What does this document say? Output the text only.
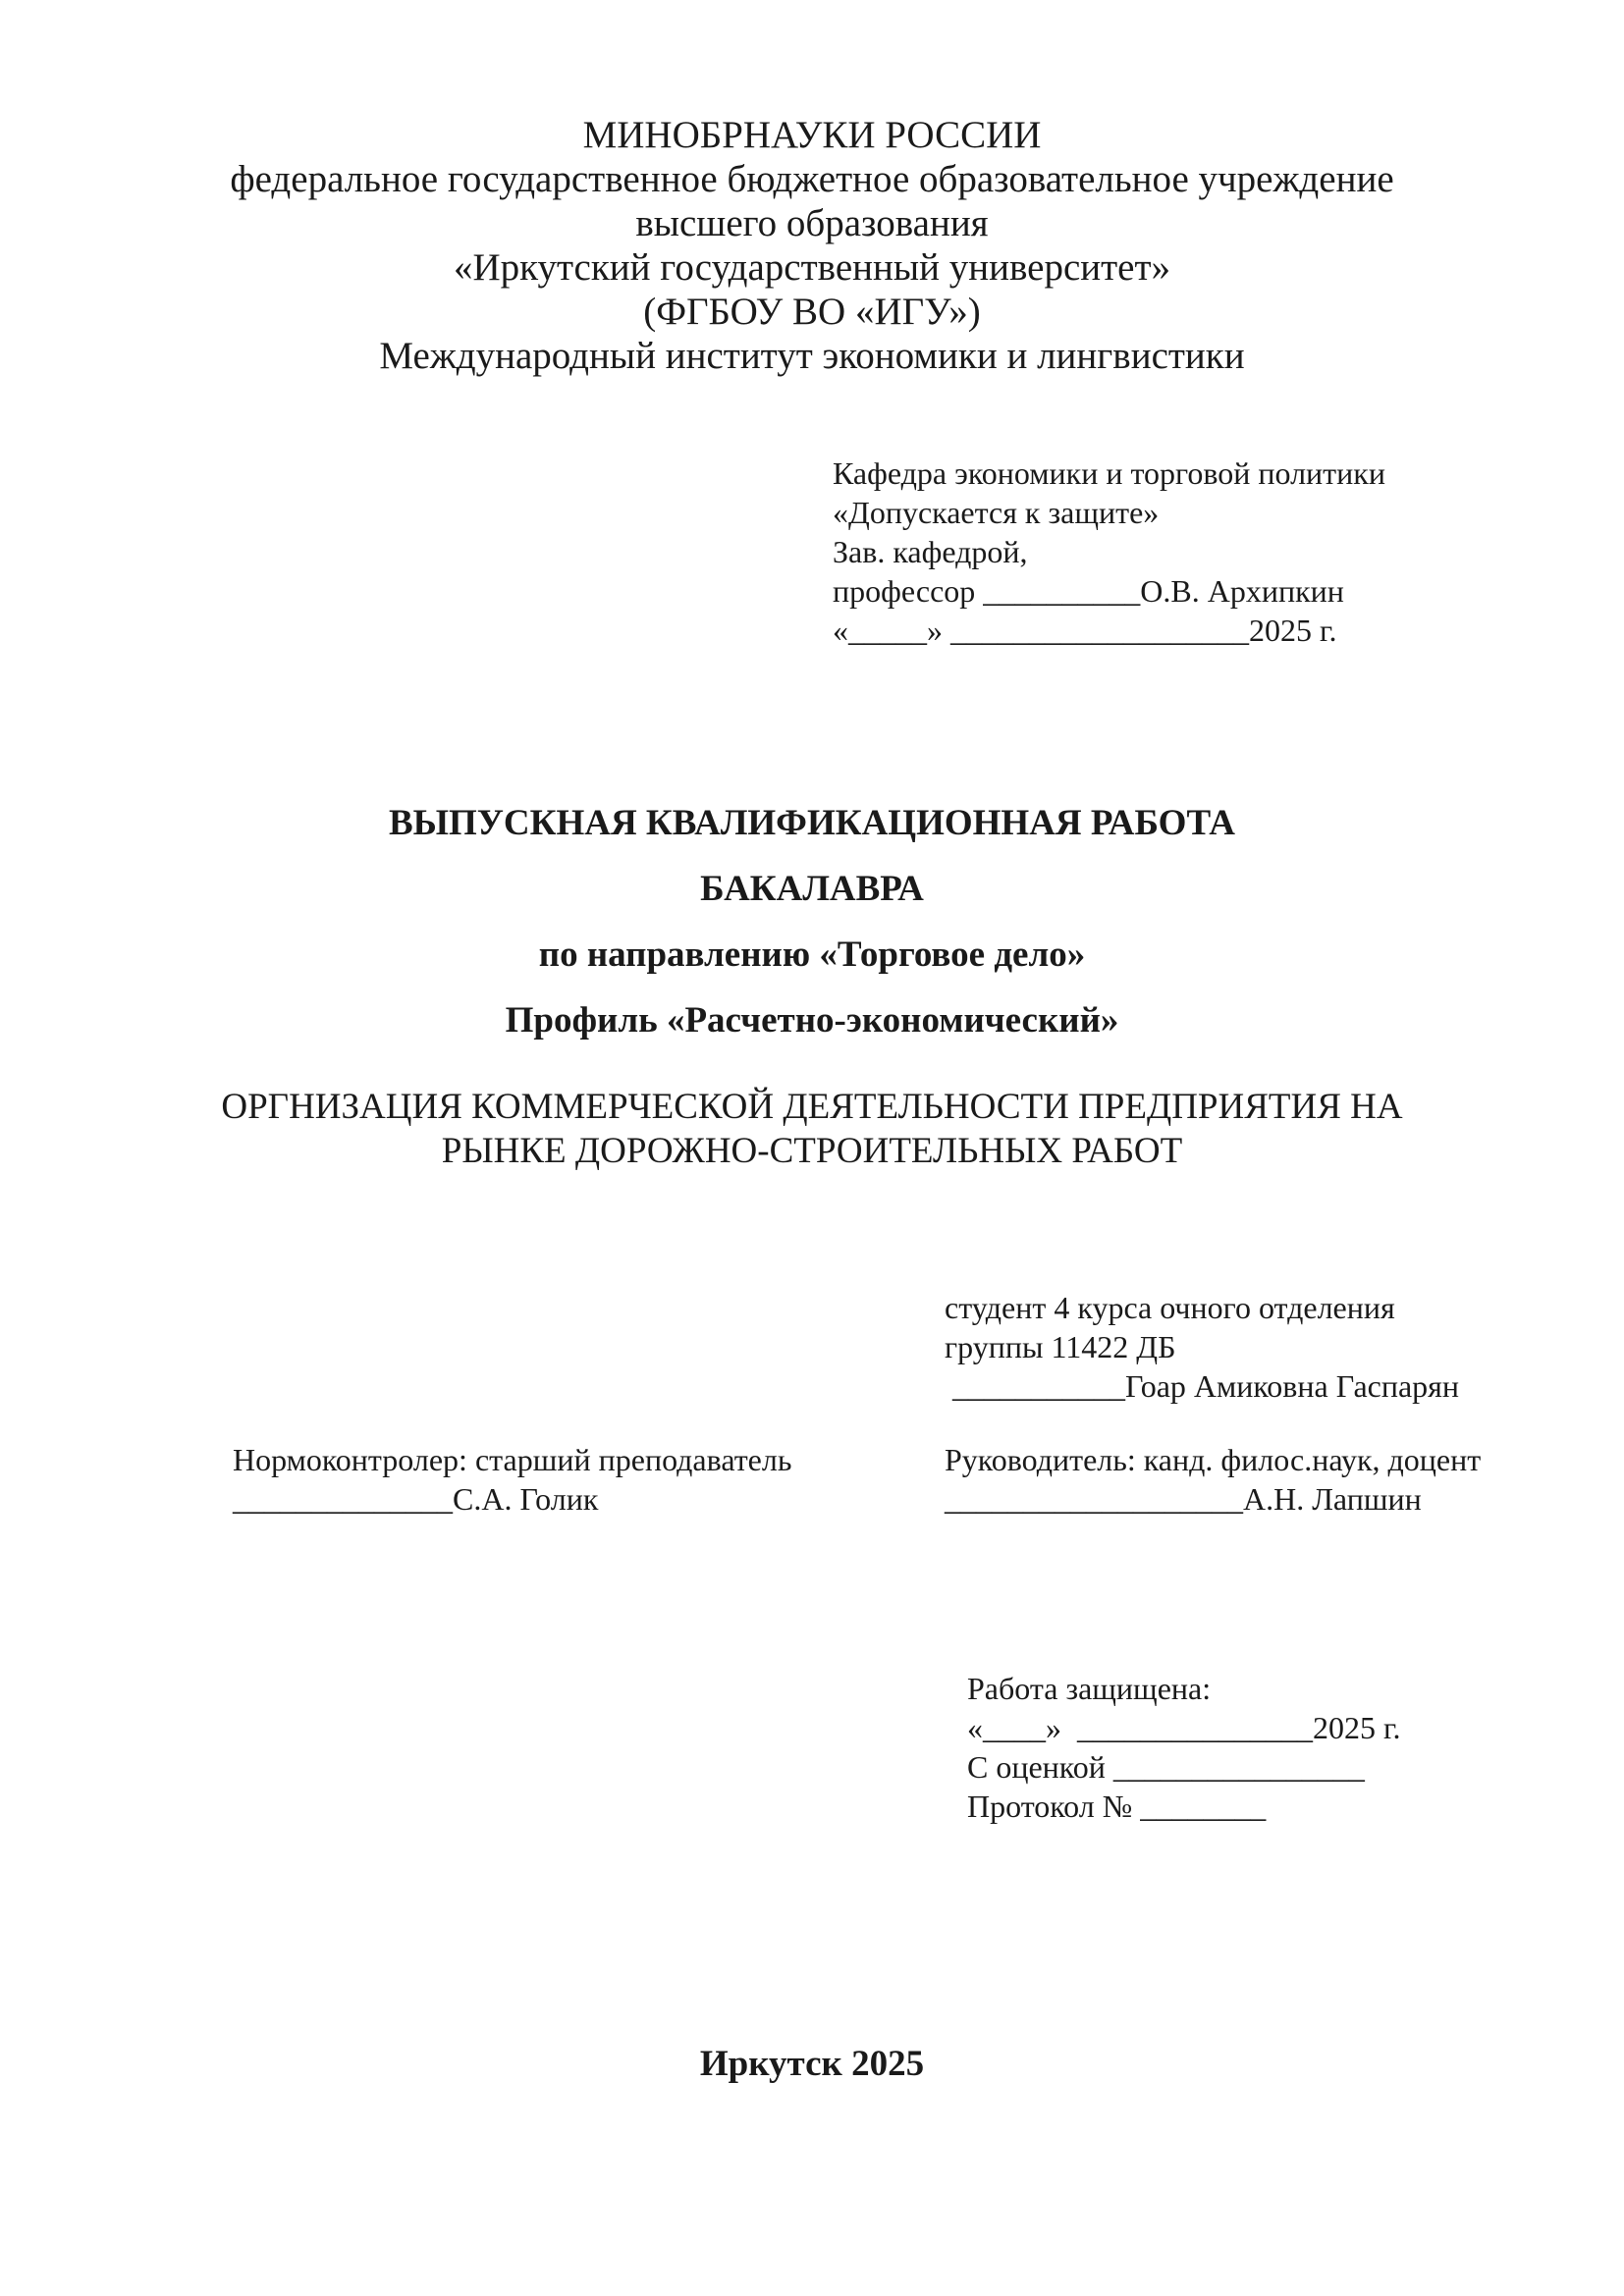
МИНОБРНАУКИ РОССИИ
федеральное государственное бюджетное образовательное учреждение
высшего образования
«Иркутский государственный университет»
(ФГБОУ ВО «ИГУ»)
Международный институт экономики и лингвистики
Кафедра экономики и торговой политики
«Допускается к защите»
Зав. кафедрой,
профессор __________О.В. Архипкин
«_____» ___________________2025 г.
ВЫПУСКНАЯ КВАЛИФИКАЦИОННАЯ РАБОТА
БАКАЛАВРА
по направлению «Торговое дело»
Профиль «Расчетно-экономический»
ОРГНИЗАЦИЯ КОММЕРЧЕСКОЙ ДЕЯТЕЛЬНОСТИ ПРЕДПРИЯТИЯ НА
РЫНКЕ ДОРОЖНО-СТРОИТЕЛЬНЫХ РАБОТ
студент 4 курса очного отделения
группы 11422 ДБ
___________Гоар Амиковна Гаспарян
Нормоконтролер: старший преподаватель
______________С.А. Голик
Руководитель: канд. филос.наук, доцент
___________________А.Н. Лапшин
Работа защищена:
«____»  _______________2025 г.
С оценкой ________________
Протокол № ________
Иркутск 2025
